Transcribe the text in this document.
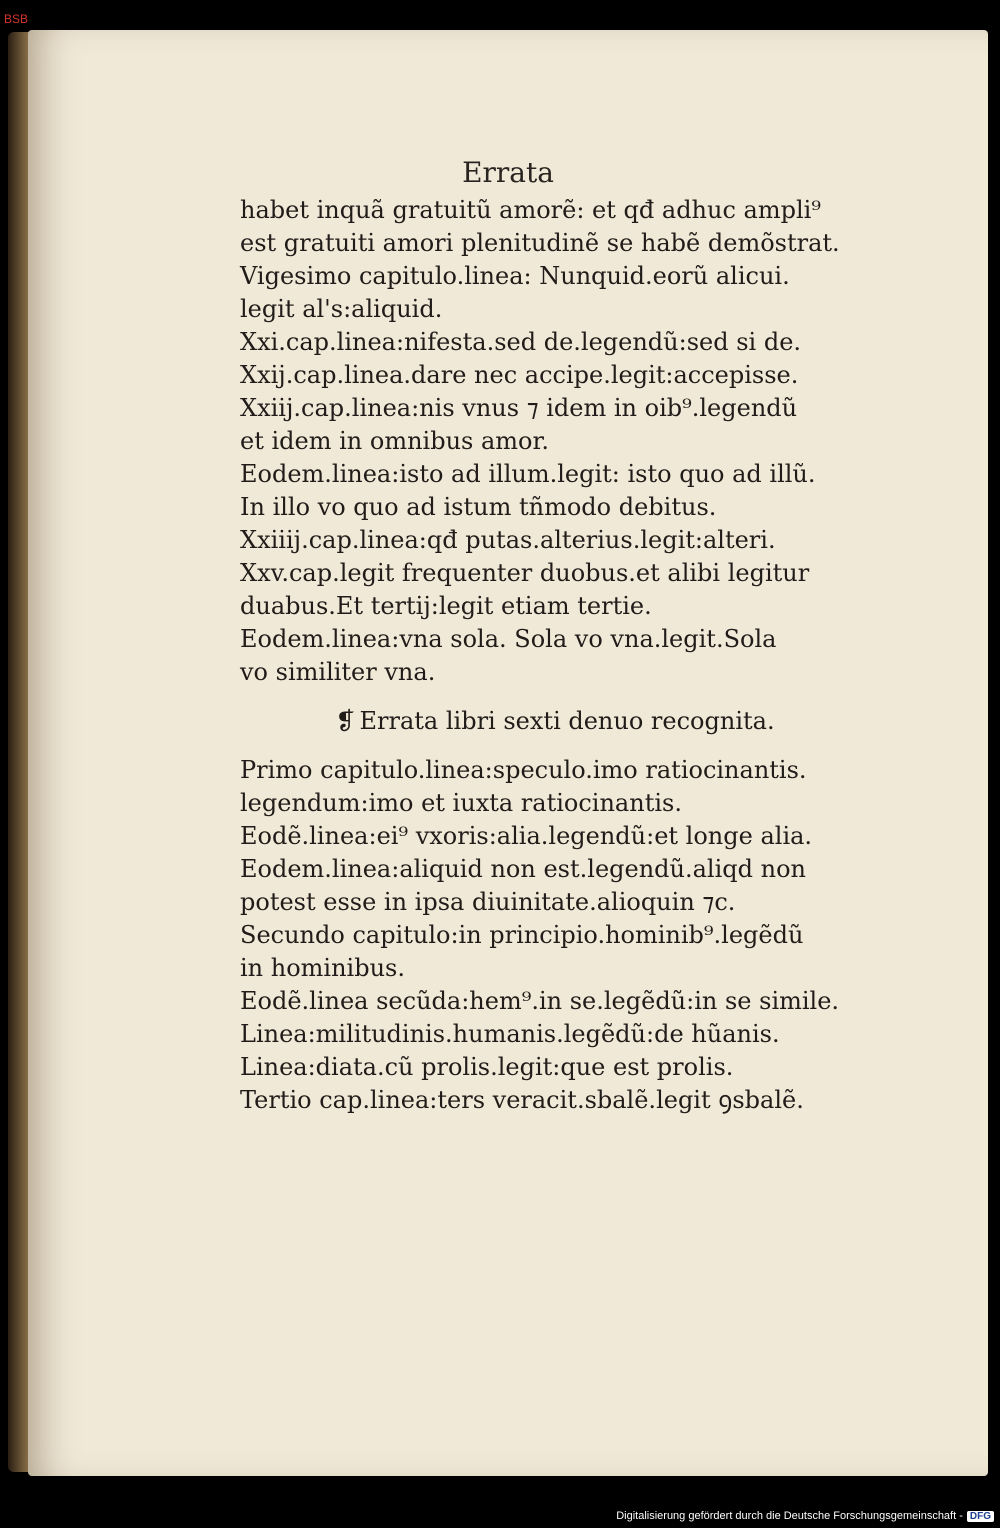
BSB
Errata
habet inquã gratuitũ amorẽ: et qđ adhuc ampli⁹
est gratuiti amori plenitudinẽ se habẽ demõstrat.
Vigesimo capitulo.linea: Nunquid.eorũ alicui.
legit al's:aliquid.
Xxi.cap.linea:nifesta.sed de.legendũ:sed si de.
Xxij.cap.linea.dare nec accipe.legit:accepisse.
Xxiij.cap.linea:nis vnus ⁊ idem in oib⁹.legendũ
et idem in omnibus amor.
Eodem.linea:isto ad illum.legit: isto quo ad illũ.
In illo vo quo ad istum tñmodo debitus.
Xxiiij.cap.linea:qđ putas.alterius.legit:alteri.
Xxv.cap.legit frequenter duobus.et alibi legitur
duabus.Et tertij:legit etiam tertie.
Eodem.linea:vna sola. Sola vo vna.legit.Sola
vo similiter vna.
❡ Errata libri sexti denuo recognita.
Primo capitulo.linea:speculo.imo ratiocinantis.
legendum:imo et iuxta ratiocinantis.
Eodẽ.linea:ei⁹ vxoris:alia.legendũ:et longe alia.
Eodem.linea:aliquid non est.legendũ.aliqd non
potest esse in ipsa diuinitate.alioquin ⁊c.
Secundo capitulo:in principio.hominib⁹.legẽdũ
in hominibus.
Eodẽ.linea secũda:hem⁹.in se.legẽdũ:in se simile.
Linea:militudinis.humanis.legẽdũ:de hũanis.
Linea:diata.cũ prolis.legit:que est prolis.
Tertio cap.linea:ters veracit.sbalẽ.legit ꝯsbalẽ.
Digitalisierung gefördert durch die Deutsche Forschungsgemeinschaft - DFG
